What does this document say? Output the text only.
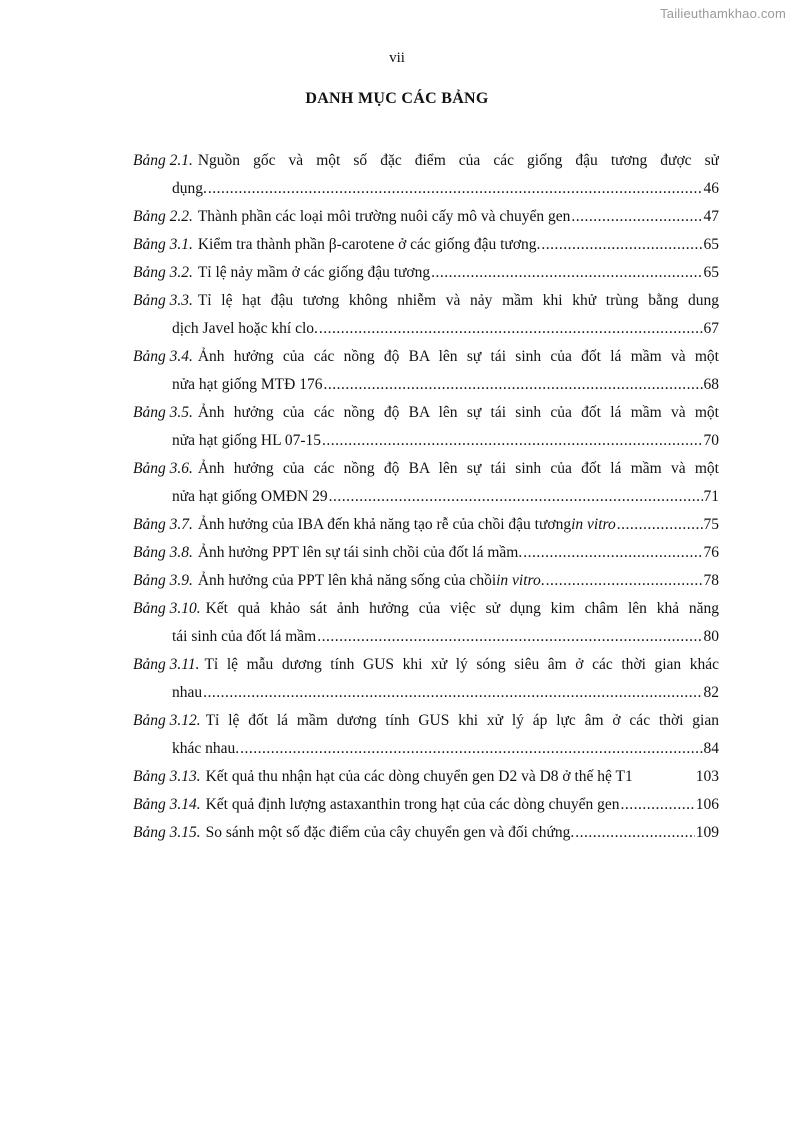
Tailieuthamkhao.com
vii
DANH MỤC CÁC BẢNG
Bảng 2.1. Nguồn gốc và một số đặc điểm của các giống đậu tương được sử
dụng. .....	46
Bảng 2.2. Thành phần các loại môi trường nuôi cấy mô và chuyển gen .....	47
Bảng 3.1. Kiểm tra thành phần β-carotene ở các giống đậu tương. .....	65
Bảng 3.2. Tỉ lệ nảy mầm ở các giống đậu tương .....	65
Bảng 3.3. Tỉ lệ hạt đậu tương không nhiễm và nảy mầm khi khử trùng bằng dung
dịch Javel hoặc khí clo. .....	67
Bảng 3.4. Ảnh hưởng của các nồng độ BA lên sự tái sinh của đốt lá mầm và một
nửa hạt giống MTĐ 176 .....	68
Bảng 3.5. Ảnh hưởng của các nồng độ BA lên sự tái sinh của đốt lá mầm và một
nửa hạt giống HL 07-15 .....	70
Bảng 3.6. Ảnh hưởng của các nồng độ BA lên sự tái sinh của đốt lá mầm và một
nửa hạt giống OMĐN 29 .....	71
Bảng 3.7. Ảnh hưởng của IBA đến khả năng tạo rễ của chồi đậu tương in vitro .....	75
Bảng 3.8. Ảnh hưởng PPT lên sự tái sinh chồi của đốt lá mầm. .....	76
Bảng 3.9. Ảnh hưởng của PPT lên khả năng sống của chồi in vitro . .....	78
Bảng 3.10. Kết quả khảo sát ảnh hưởng của việc sử dụng kim châm lên khả năng
tái sinh của đốt lá mầm .....	80
Bảng 3.11. Tỉ lệ mẫu dương tính GUS khi xử lý sóng siêu âm ở các thời gian khác
nhau .....	82
Bảng 3.12. Tỉ lệ đốt lá mầm dương tính GUS khi xử lý áp lực âm ở các thời gian
khác nhau. .....	84
Bảng 3.13. Kết quả thu nhận hạt của các dòng chuyển gen D2 và D8 ở thế hệ T1	103
Bảng 3.14. Kết quả định lượng astaxanthin trong hạt của các dòng chuyển gen .....	106
Bảng 3.15. So sánh một số đặc điểm của cây chuyển gen và đối chứng. .....	109
